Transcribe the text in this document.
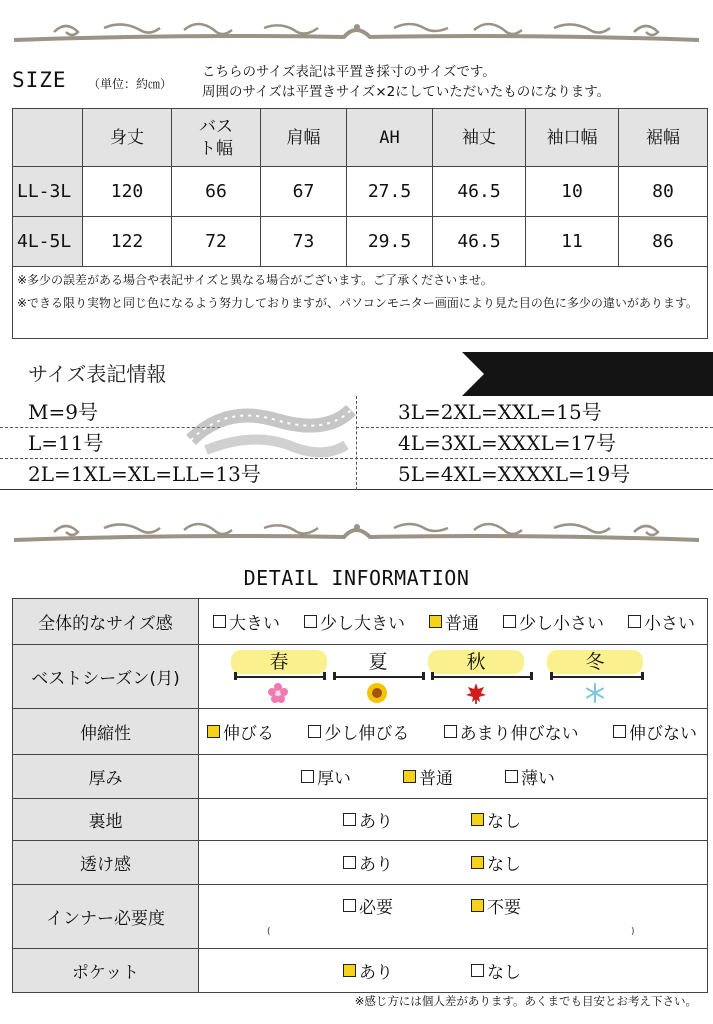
SIZE （単位：約㎝）
こちらのサイズ表記は平置き採寸のサイズです。
周囲のサイズは平置きサイズ×2にしていただいたものになります。
	身丈	バスト幅	肩幅	AH	袖丈	袖口幅	裾幅
LL-3L	120	66	67	27.5	46.5	10	80
4L-5L	122	72	73	29.5	46.5	11	86

※多少の誤差がある場合や表記サイズと異なる場合がございます。ご了承くださいませ。
※できる限り実物と同じ色になるよう努力しておりますが、パソコンモニター画面により見た目の色に多少の違いがあります。							
サイズ表記情報
M=9号
L=11号
2L=1XL=XL=LL=13号
3L=2XL=XXL=15号
4L=3XL=XXXL=17号
5L=4XL=XXXXL=19号
DETAIL INFORMATION
全体的なサイズ感	大きい 少し大きい 普通 少し小さい 小さい

ベストシーズン(月)	春 夏 秋 冬

伸縮性	伸びる 少し伸びる あまり伸びない 伸びない

厚み	厚い 普通 薄い

裏地	あり なし

透け感	あり なし

インナー必要度	必要 不要
( )

ポケット	あり なし
※感じ方には個人差があります。あくまでも目安とお考え下さい。
